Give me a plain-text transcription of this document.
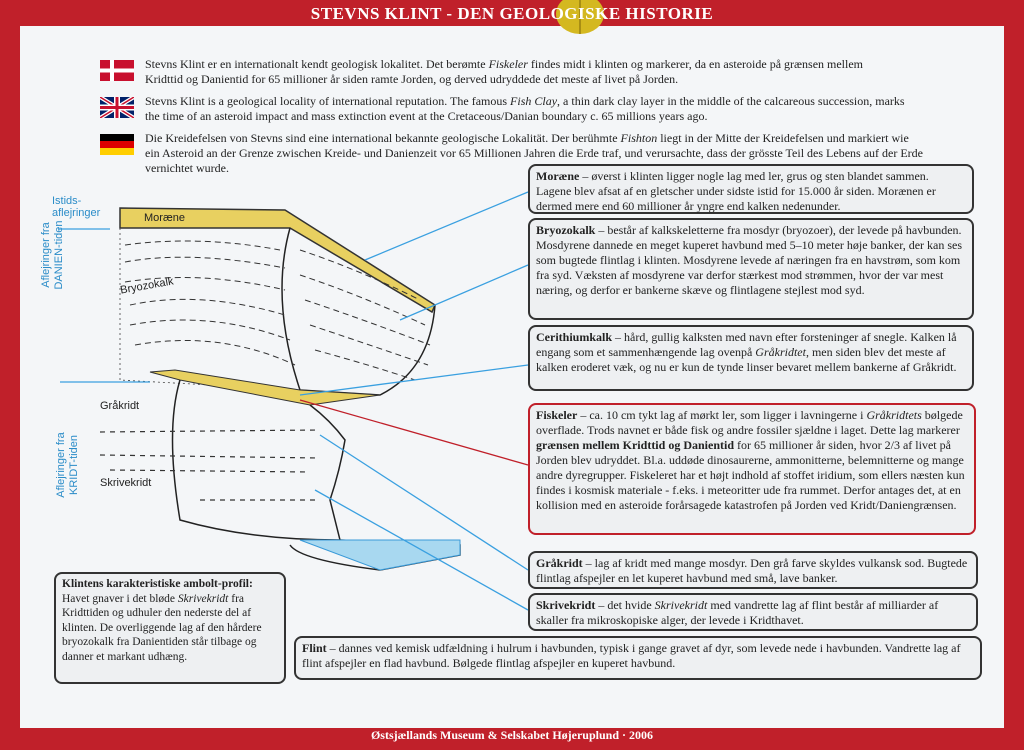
STEVNS KLINT - DEN GEOLOGISKE HISTORIE
Stevns Klint er en internationalt kendt geologisk lokalitet. Det berømte Fiskeler findes midt i klinten og markerer, da en asteroide på grænsen mellem Kridttid og Danientid for 65 millioner år siden ramte Jorden, og derved udryddede det meste af livet på Jorden.
Stevns Klint is a geological locality of international reputation. The famous Fish Clay, a thin dark clay layer in the middle of the calcareous succession, marks the time of an asteroid impact and mass extinction event at the Cretaceous/Danian boundary c. 65 millions years ago.
Die Kreidefelsen von Stevns sind eine international bekannte geologische Lokalität. Der berühmte Fishton liegt in der Mitte der Kreidefelsen und markiert wie ein Asteroid an der Grenze zwischen Kreide- und Danienzeit vor 65 Millionen Jahren die Erde traf, und verursachte, dass der grösste Teil des Lebens auf der Erde vernichtet wurde.
Istids-aflejringer
Aflejringer fra DANIEN-tiden
Aflejringer fra KRIDT-tiden
Moræne
Bryozokalk
Gråkridt
Skrivekridt
Moræne – øverst i klinten ligger nogle lag med ler, grus og sten blandet sammen. Lagene blev afsat af en gletscher under sidste istid for 15.000 år siden. Morænen er dermed mere end 60 millioner år yngre end kalken nedenunder.
Bryozokalk – består af kalkskeletterne fra mosdyr (bryozoer), der levede på havbunden. Mosdyrene dannede en meget kuperet havbund med 5–10 meter høje banker, der kan ses som bugtede flintlag i klinten. Mosdyrene levede af næringen fra en havstrøm, som kom fra syd. Væksten af mosdyrene var derfor stærkest mod strømmen, hvor der var mest næring, og derfor er bankerne skæve og flintlagene stejlest mod syd.
Cerithiumkalk – hård, gullig kalksten med navn efter forsteninger af snegle. Kalken lå engang som et sammenhængende lag ovenpå Gråkridtet, men siden blev det meste af kalken eroderet væk, og nu er kun de tynde linser bevaret mellem bankerne af Gråkridt.
Fiskeler – ca. 10 cm tykt lag af mørkt ler, som ligger i lavningerne i Gråkridtets bølgede overflade. Trods navnet er både fisk og andre fossiler sjældne i laget. Dette lag markerer grænsen mellem Kridttid og Danientid for 65 millioner år siden, hvor 2/3 af livet på Jorden blev udryddet. Bl.a. uddøde dinosaurerne, ammonitterne, belemnitterne og mange andre dyregrupper. Fiskeleret har et højt indhold af stoffet iridium, som ellers næsten kun findes i kosmisk materiale - f.eks. i meteoritter ude fra rummet. Derfor antages det, at en kollision med en asteroide forårsagede katastrofen på Jorden ved Kridt/Daniengrænsen.
Gråkridt – lag af kridt med mange mosdyr. Den grå farve skyldes vulkansk sod. Bugtede flintlag afspejler en let kuperet havbund med små, lave banker.
Skrivekridt – det hvide Skrivekridt med vandrette lag af flint består af milliarder af skaller fra mikroskopiske alger, der levede i Kridthavet.
Flint – dannes ved kemisk udfældning i hulrum i havbunden, typisk i gange gravet af dyr, som levede nede i havbunden. Vandrette lag af flint afspejler en flad havbund. Bølgede flintlag afspejler en kuperet havbund.
Klintens karakteristiske ambolt-profil: Havet gnaver i det bløde Skrivekridt fra Kridttiden og udhuler den nederste del af klinten. De overliggende lag af den hårdere bryozokalk fra Danientiden står tilbage og danner et markant udhæng.
Østsjællands Museum & Selskabet Højeruplund · 2006
